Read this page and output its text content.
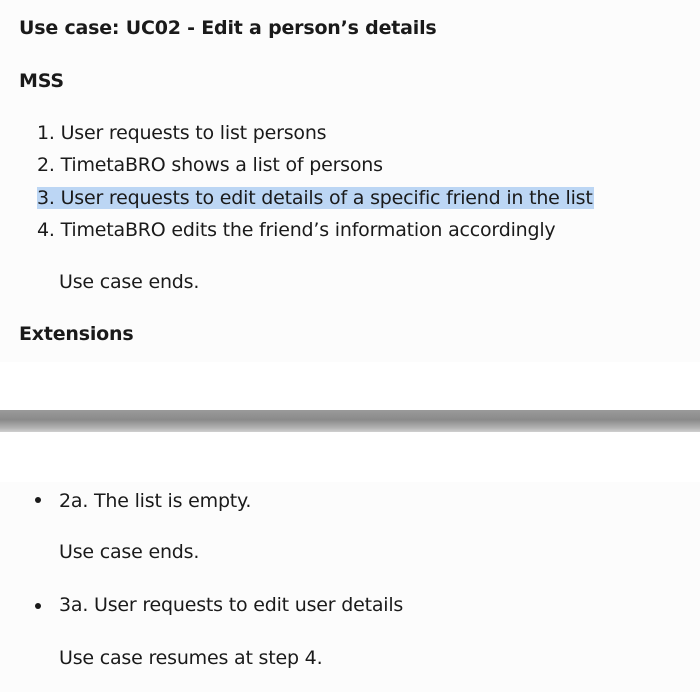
Use case: UC02 - Edit a person’s details
MSS
1. User requests to list persons
2. TimetaBRO shows a list of persons
3. User requests to edit details of a specific friend in the list
4. TimetaBRO edits the friend’s information accordingly
Use case ends.
Extensions
2a. The list is empty.
Use case ends.
3a. User requests to edit user details
Use case resumes at step 4.
